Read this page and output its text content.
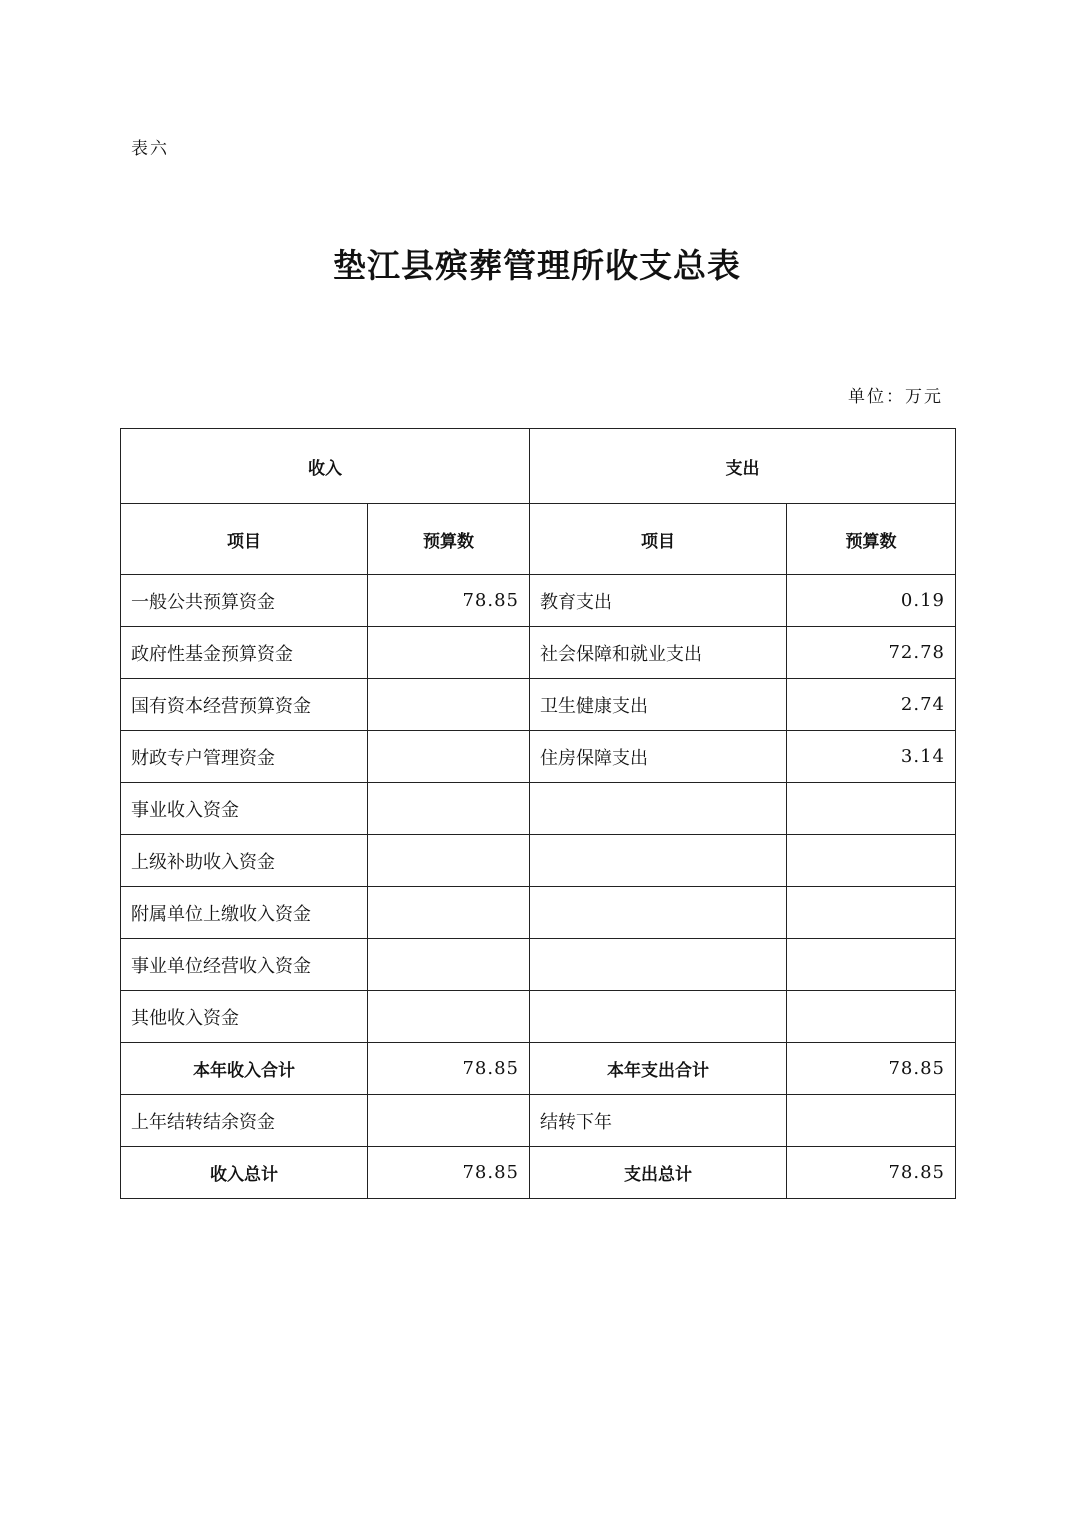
表六
垫江县殡葬管理所收支总表
单位：万元
收入		支出	
项目	预算数	项目	预算数
一般公共预算资金	78.85	教育支出	0.19
政府性基金预算资金		社会保障和就业支出	72.78
国有资本经营预算资金		卫生健康支出	2.74
财政专户管理资金		住房保障支出	3.14
事业收入资金			
上级补助收入资金			
附属单位上缴收入资金			
事业单位经营收入资金			
其他收入资金			
本年收入合计	78.85	本年支出合计	78.85
上年结转结余资金		结转下年	
收入总计	78.85	支出总计	78.85
